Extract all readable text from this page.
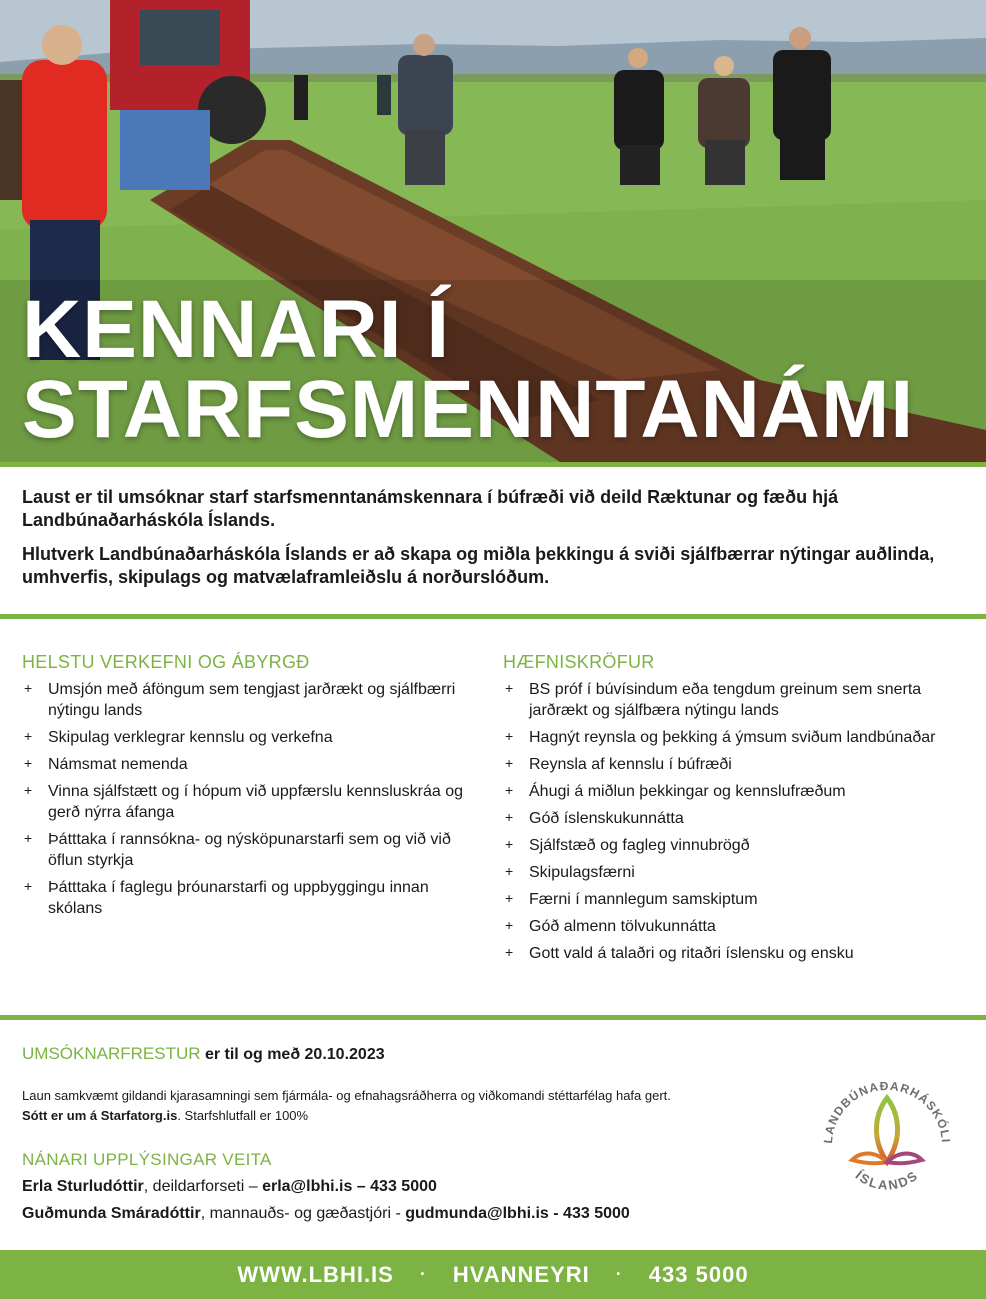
KENNARI Í
STARFSMENNTANÁMI

Laust er til umsóknar starf starfsmenntanámskennara í búfræði við deild Ræktunar og fæðu hjá Landbúnaðarháskóla Íslands.

Hlutverk Landbúnaðarháskóla Íslands er að skapa og miðla þekkingu á sviði sjálfbærrar nýtingar auðlinda, umhverfis, skipulags og matvælaframleiðslu á norðurslóðum.

HELSTU VERKEFNI OG ÁBYRGÐ
+ Umsjón með áföngum sem tengjast jarðrækt og sjálfbærri nýtingu lands
+ Skipulag verklegrar kennslu og verkefna
+ Námsmat nemenda
+ Vinna sjálfstætt og í hópum við uppfærslu kennsluskráa og gerð nýrra áfanga
+ Þátttaka í rannsókna- og nýsköpunarstarfi sem og við við öflun styrkja
+ Þátttaka í faglegu þróunarstarfi og uppbyggingu innan skólans
HÆFNISKRÖFUR
+ BS próf í búvísindum eða tengdum greinum sem snerta jarðrækt og sjálfbæra nýtingu lands
+ Hagnýt reynsla og þekking á ýmsum sviðum landbúnaðar
+ Reynsla af kennslu í búfræði
+ Áhugi á miðlun þekkingar og kennslufræðum
+ Góð íslenskukunnátta
+ Sjálfstæð og fagleg vinnubrögð
+ Skipulagsfærni
+ Færni í mannlegum samskiptum
+ Góð almenn tölvukunnátta
+ Gott vald á talaðri og ritaðri íslensku og ensku
UMSÓKNARFRESTUR er til og með 20.10.2023
Laun samkvæmt gildandi kjarasamningi sem fjármála- og efnahagsráðherra og viðkomandi stéttarfélag hafa gert.
Sótt er um á Starfatorg.is. Starfshlutfall er 100%
NÁNARI UPPLÝSINGAR VEITA
Erla Sturludóttir, deildarforseti – erla@lbhi.is – 433 5000
Guðmunda Smáradóttir, mannauðs- og gæðastjóri - gudmunda@lbhi.is - 433 5000
LANDBÚNAÐARHÁSKÓLI
ÍSLANDS
WWW.LBHI.IS · HVANNEYRI · 433 5000
